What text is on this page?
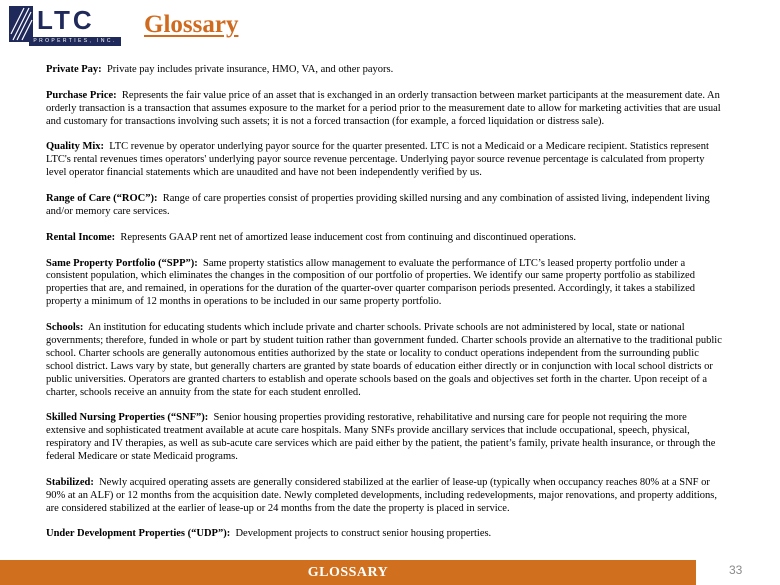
LTC
PROPERTIES, INC.
Glossary

Private Pay: Private pay includes private insurance, HMO, VA, and other payors.

Purchase Price: Represents the fair value price of an asset that is exchanged in an orderly transaction between market participants at the measurement date. An orderly transaction is a transaction that assumes exposure to the market for a period prior to the measurement date to allow for marketing activities that are usual and customary for transactions involving such assets; it is not a forced transaction (for example, a forced liquidation or distress sale).

Quality Mix: LTC revenue by operator underlying payor source for the quarter presented. LTC is not a Medicaid or a Medicare recipient. Statistics represent LTC's rental revenues times operators' underlying payor source revenue percentage. Underlying payor source revenue percentage is calculated from property level operator financial statements which are unaudited and have not been independently verified by us.

Range of Care (“ROC”): Range of care properties consist of properties providing skilled nursing and any combination of assisted living, independent living and/or memory care services.

Rental Income: Represents GAAP rent net of amortized lease inducement cost from continuing and discontinued operations.

Same Property Portfolio (“SPP”): Same property statistics allow management to evaluate the performance of LTC’s leased property portfolio under a consistent population, which eliminates the changes in the composition of our portfolio of properties. We identify our same property portfolio as stabilized properties that are, and remained, in operations for the duration of the quarter-over quarter comparison periods presented. Accordingly, it takes a stabilized property a minimum of 12 months in operations to be included in our same property portfolio.

Schools: An institution for educating students which include private and charter schools. Private schools are not administered by local, state or national governments; therefore, funded in whole or part by student tuition rather than government funded. Charter schools provide an alternative to the traditional public school. Charter schools are generally autonomous entities authorized by the state or locality to conduct operations independent from the surrounding public school district. Laws vary by state, but generally charters are granted by state boards of education either directly or in conjunction with local school districts or public universities. Operators are granted charters to establish and operate schools based on the goals and objectives set forth in the charter. Upon receipt of a charter, schools receive an annuity from the state for each student enrolled.

Skilled Nursing Properties (“SNF”): Senior housing properties providing restorative, rehabilitative and nursing care for people not requiring the more extensive and sophisticated treatment available at acute care hospitals. Many SNFs provide ancillary services that include occupational, speech, physical, respiratory and IV therapies, as well as sub-acute care services which are paid either by the patient, the patient’s family, private health insurance, or through the federal Medicare or state Medicaid programs.

Stabilized: Newly acquired operating assets are generally considered stabilized at the earlier of lease-up (typically when occupancy reaches 80% at a SNF or 90% at an ALF) or 12 months from the acquisition date. Newly completed developments, including redevelopments, major renovations, and property additions, are considered stabilized at the earlier of lease-up or 24 months from the date the property is placed in service.

Under Development Properties (“UDP”): Development projects to construct senior housing properties.

GLOSSARY	33
